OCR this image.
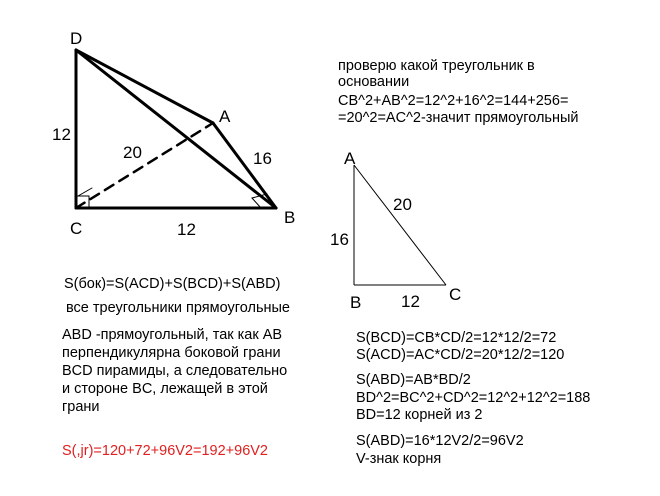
D
A
C
B
12
20	16
12
A
B	C
16
20
12
проверю какой треугольник в
основании
CB^2+AB^2=12^2+16^2=144+256=
=20^2=AC^2-значит прямоугольный
S(бок)=S(ACD)+S(BCD)+S(ABD)
все треугольники прямоугольные
ABD -прямоугольный, так как AB
перпендикулярна боковой грани
BCD пирамиды, а следовательно
и стороне BC, лежащей в этой
грани
S(,jr)=120+72+96V2=192+96V2
S(BCD)=CB*CD/2=12*12/2=72
S(ACD)=AC*CD/2=20*12/2=120
S(ABD)=AB*BD/2
BD^2=BC^2+CD^2=12^2+12^2=188
BD=12 корней из 2
S(ABD)=16*12V2/2=96V2
V-знак корня
